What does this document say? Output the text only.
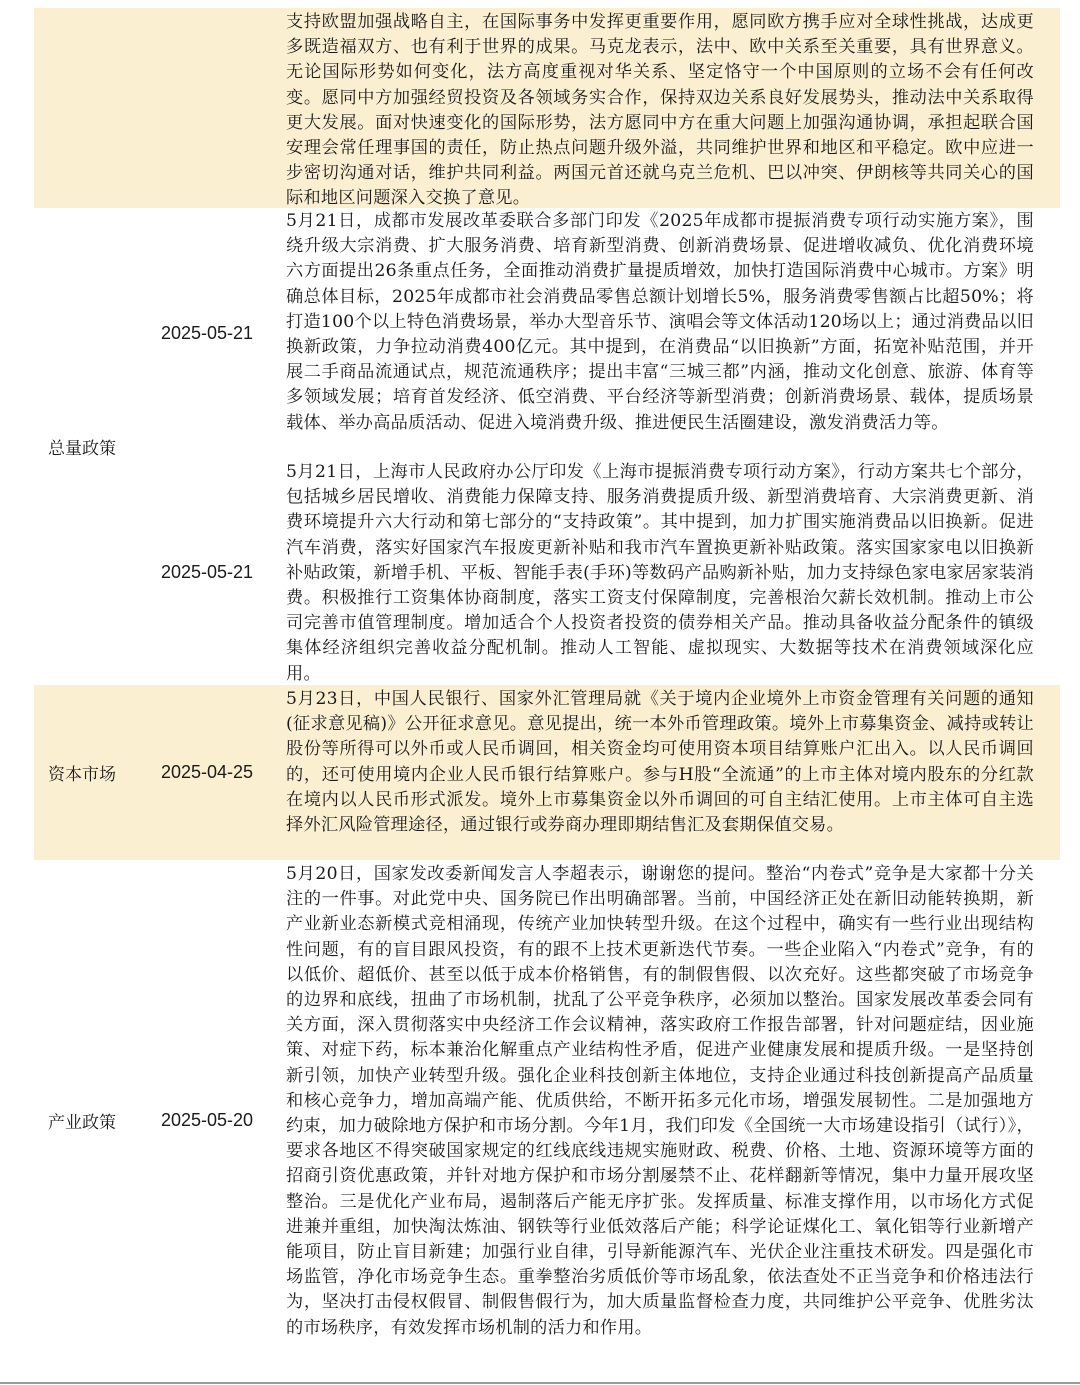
支持欧盟加强战略自主，在国际事务中发挥更重要作用，愿同欧方携手应对全球性挑战，达成更多既造福双方、也有利于世界的成果。马克龙表示，法中、欧中关系至关重要，具有世界意义。无论国际形势如何变化，法方高度重视对华关系、坚定恪守一个中国原则的立场不会有任何改变。愿同中方加强经贸投资及各领域务实合作，保持双边关系良好发展势头，推动法中关系取得更大发展。面对快速变化的国际形势，法方愿同中方在重大问题上加强沟通协调，承担起联合国安理会常任理事国的责任，防止热点问题升级外溢，共同维护世界和地区和平稳定。欧中应进一步密切沟通对话，维护共同利益。两国元首还就乌克兰危机、巴以冲突、伊朗核等共同关心的国际和地区问题深入交换了意见。

总量政策
2025-05-21

5月21日，成都市发展改革委联合多部门印发《2025年成都市提振消费专项行动实施方案》，围绕升级大宗消费、扩大服务消费、培育新型消费、创新消费场景、促进增收减负、优化消费环境六方面提出26条重点任务，全面推动消费扩量提质增效，加快打造国际消费中心城市。方案》明确总体目标，2025年成都市社会消费品零售总额计划增长5%，服务消费零售额占比超50%；将打造100个以上特色消费场景，举办大型音乐节、演唱会等文体活动120场以上；通过消费品以旧换新政策，力争拉动消费400亿元。其中提到，在消费品“以旧换新”方面，拓宽补贴范围，并开展二手商品流通试点，规范流通秩序；提出丰富“三城三都”内涵，推动文化创意、旅游、体育等多领域发展；培育首发经济、低空消费、平台经济等新型消费；创新消费场景、载体，提质场景载体、举办高品质活动、促进入境消费升级、推进便民生活圈建设，激发消费活力等。

2025-05-21

5月21日，上海市人民政府办公厅印发《上海市提振消费专项行动方案》，行动方案共七个部分，包括城乡居民增收、消费能力保障支持、服务消费提质升级、新型消费培育、大宗消费更新、消费环境提升六大行动和第七部分的“支持政策”。其中提到，加力扩围实施消费品以旧换新。促进汽车消费，落实好国家汽车报废更新补贴和我市汽车置换更新补贴政策。落实国家家电以旧换新补贴政策，新增手机、平板、智能手表(手环)等数码产品购新补贴，加力支持绿色家电家居家装消费。积极推行工资集体协商制度，落实工资支付保障制度，完善根治欠薪长效机制。推动上市公司完善市值管理制度。增加适合个人投资者投资的债券相关产品。推动具备收益分配条件的镇级集体经济组织完善收益分配机制。推动人工智能、虚拟现实、大数据等技术在消费领域深化应用。

资本市场	2025-04-25

5月23日，中国人民银行、国家外汇管理局就《关于境内企业境外上市资金管理有关问题的通知(征求意见稿)》公开征求意见。意见提出，统一本外币管理政策。境外上市募集资金、减持或转让股份等所得可以外币或人民币调回，相关资金均可使用资本项目结算账户汇出入。以人民币调回的，还可使用境内企业人民币银行结算账户。参与H股“全流通”的上市主体对境内股东的分红款在境内以人民币形式派发。境外上市募集资金以外币调回的可自主结汇使用。上市主体可自主选择外汇风险管理途径，通过银行或券商办理即期结售汇及套期保值交易。

产业政策	2025-05-20

5月20日，国家发改委新闻发言人李超表示，谢谢您的提问。整治“内卷式”竞争是大家都十分关注的一件事。对此党中央、国务院已作出明确部署。当前，中国经济正处在新旧动能转换期，新产业新业态新模式竞相涌现，传统产业加快转型升级。在这个过程中，确实有一些行业出现结构性问题，有的盲目跟风投资，有的跟不上技术更新迭代节奏。一些企业陷入“内卷式”竞争，有的以低价、超低价、甚至以低于成本价格销售，有的制假售假、以次充好。这些都突破了市场竞争的边界和底线，扭曲了市场机制，扰乱了公平竞争秩序，必须加以整治。国家发展改革委会同有关方面，深入贯彻落实中央经济工作会议精神，落实政府工作报告部署，针对问题症结，因业施策、对症下药，标本兼治化解重点产业结构性矛盾，促进产业健康发展和提质升级。一是坚持创新引领，加快产业转型升级。强化企业科技创新主体地位，支持企业通过科技创新提高产品质量和核心竞争力，增加高端产能、优质供给，不断开拓多元化市场，增强发展韧性。二是加强地方约束，加力破除地方保护和市场分割。今年1月，我们印发《全国统一大市场建设指引（试行）》，要求各地区不得突破国家规定的红线底线违规实施财政、税费、价格、土地、资源环境等方面的招商引资优惠政策，并针对地方保护和市场分割屡禁不止、花样翻新等情况，集中力量开展攻坚整治。三是优化产业布局，遏制落后产能无序扩张。发挥质量、标准支撑作用，以市场化方式促进兼并重组，加快淘汰炼油、钢铁等行业低效落后产能；科学论证煤化工、氧化铝等行业新增产能项目，防止盲目新建；加强行业自律，引导新能源汽车、光伏企业注重技术研发。四是强化市场监管，净化市场竞争生态。重拳整治劣质低价等市场乱象，依法查处不正当竞争和价格违法行为，坚决打击侵权假冒、制假售假行为，加大质量监督检查力度，共同维护公平竞争、优胜劣汰的市场秩序，有效发挥市场机制的活力和作用。
